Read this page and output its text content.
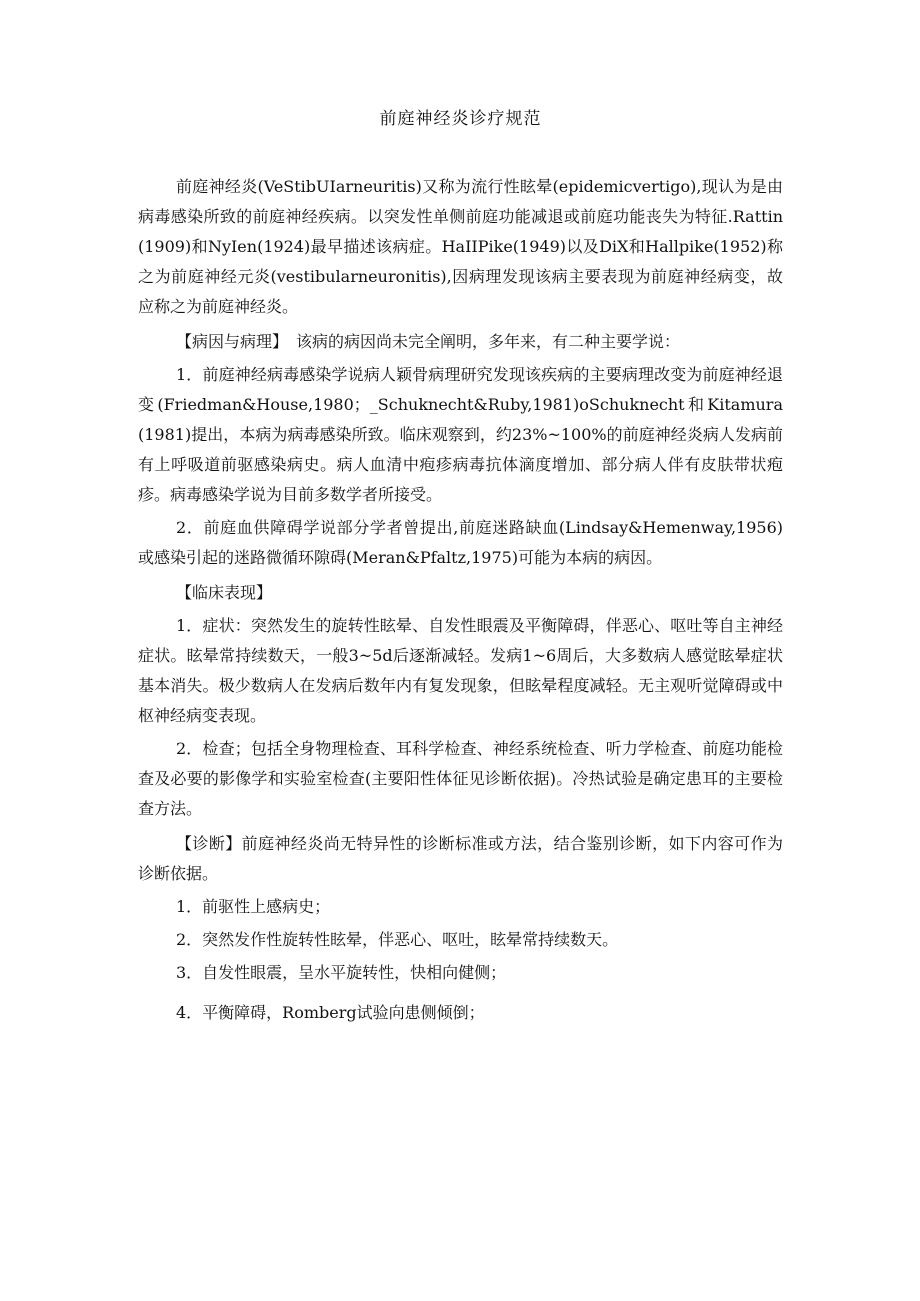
前庭神经炎诊疗规范

前庭神经炎(VeStibUIarneuritis)又称为流行性眩晕(epidemicvertigo),现认为是由病毒感染所致的前庭神经疾病。以突发性单侧前庭功能减退或前庭功能丧失为特征.Rattin(1909)和NyIen(1924)最早描述该病症。HaIIPike(1949)以及DiX和Hallpike(1952)称之为前庭神经元炎(vestibularneuronitis),因病理发现该病主要表现为前庭神经病变，故应称之为前庭神经炎。

【病因与病理】　该病的病因尚未完全阐明，多年来，有二种主要学说：

1．前庭神经病毒感染学说病人颖骨病理研究发现该疾病的主要病理改变为前庭神经退变(Friedman&House,1980；_Schuknecht&Ruby,1981)oSchuknecht和Kitamura(1981)提出，本病为病毒感染所致。临床观察到，约23%~100%的前庭神经炎病人发病前有上呼吸道前驱感染病史。病人血清中疱疹病毒抗体滴度增加、部分病人伴有皮肤带状疱疹。病毒感染学说为目前多数学者所接受。

2．前庭血供障碍学说部分学者曾提出,前庭迷路缺血(Lindsay&Hemenway,1956)或感染引起的迷路微循环隙碍(Meran&Pfaltz,1975)可能为本病的病因。

【临床表现】

1．症状：突然发生的旋转性眩晕、自发性眼震及平衡障碍，伴恶心、呕吐等自主神经症状。眩晕常持续数天，一般3~5d后逐渐减轻。发病1~6周后，大多数病人感觉眩晕症状基本消失。极少数病人在发病后数年内有复发现象，但眩晕程度减轻。无主观听觉障碍或中枢神经病变表现。

2．检查；包括全身物理检查、耳科学检查、神经系统检查、听力学检查、前庭功能检查及必要的影像学和实验室检查(主要阳性体征见诊断依据)。冷热试验是确定患耳的主要检查方法。

【诊断】前庭神经炎尚无特异性的诊断标准或方法，结合鉴别诊断，如下内容可作为诊断依据。

1．前驱性上感病史；

2．突然发作性旋转性眩晕，伴恶心、呕吐，眩晕常持续数天。

3．自发性眼震，呈水平旋转性，快相向健侧；

4．平衡障碍，Romberg试验向患侧倾倒；
